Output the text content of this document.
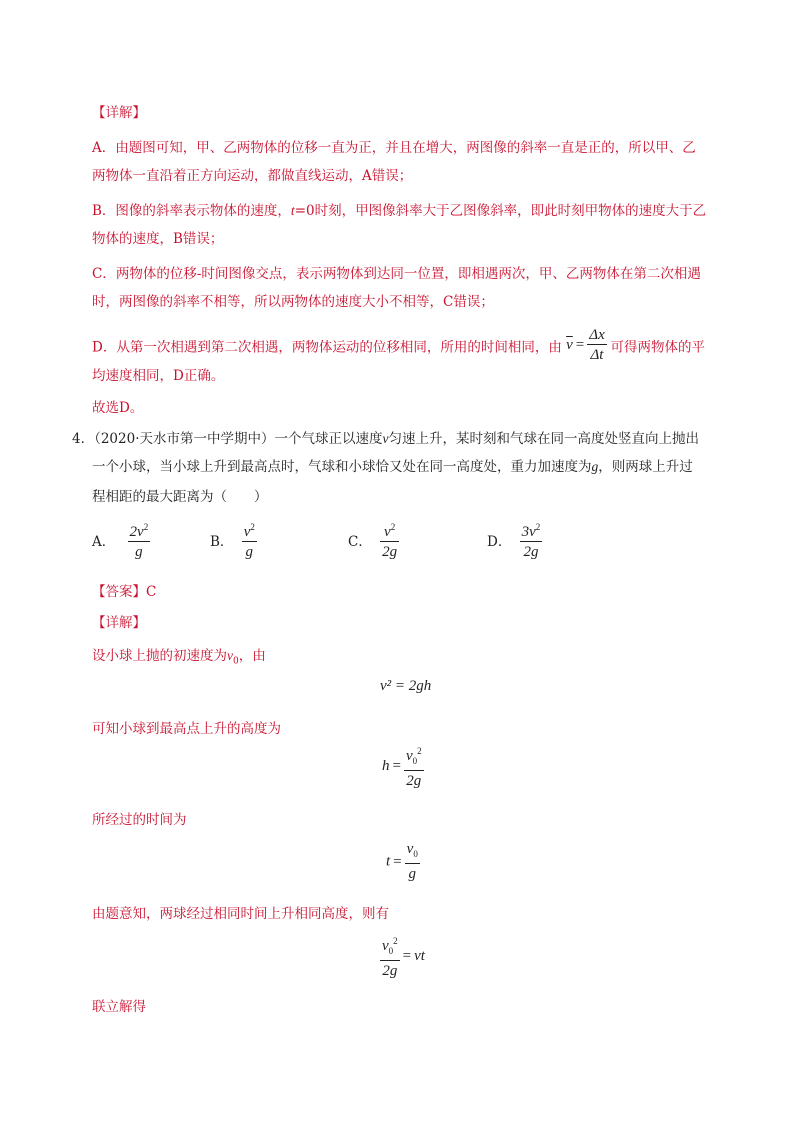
【详解】
A．由题图可知，甲、乙两物体的位移一直为正，并且在增大，两图像的斜率一直是正的，所以甲、乙
两物体一直沿着正方向运动，都做直线运动，A错误；
B．图像的斜率表示物体的速度，t=0时刻，甲图像斜率大于乙图像斜率，即此时刻甲物体的速度大于乙
物体的速度，B错误；
C．两物体的位移-时间图像交点，表示两物体到达同一位置，即相遇两次，甲、乙两物体在第二次相遇
时，两图像的斜率不相等，所以两物体的速度大小不相等，C错误；
D．从第一次相遇到第二次相遇，两物体运动的位移相同，所用的时间相同，由 $\overline{v} = \frac{\Delta x}{\Delta t}$ 可得两物体的平
均速度相同，D正确。
故选D。
4．（2020·天水市第一中学期中）一个气球正以速度v匀速上升，某时刻和气球在同一高度处竖直向上抛出
一个小球，当小球上升到最高点时，气球和小球恰又处在同一高度处，重力加速度为g，则两球上升过
程相距的最大距离为（　　）
A． $\frac{2v^2}{g}$	B． $\frac{v^2}{g}$	C． $\frac{v^2}{2g}$	D． $\frac{3v^2}{2g}$
【答案】C
【详解】
设小球上抛的初速度为$v_0$，由
v² = 2gh
可知小球到最高点上升的高度为
$h = \frac{v_0^2}{2g}$
所经过的时间为
$t = \frac{v_0}{g}$
由题意知，两球经过相同时间上升相同高度，则有
$\frac{v_0^2}{2g}$ = vt
联立解得
